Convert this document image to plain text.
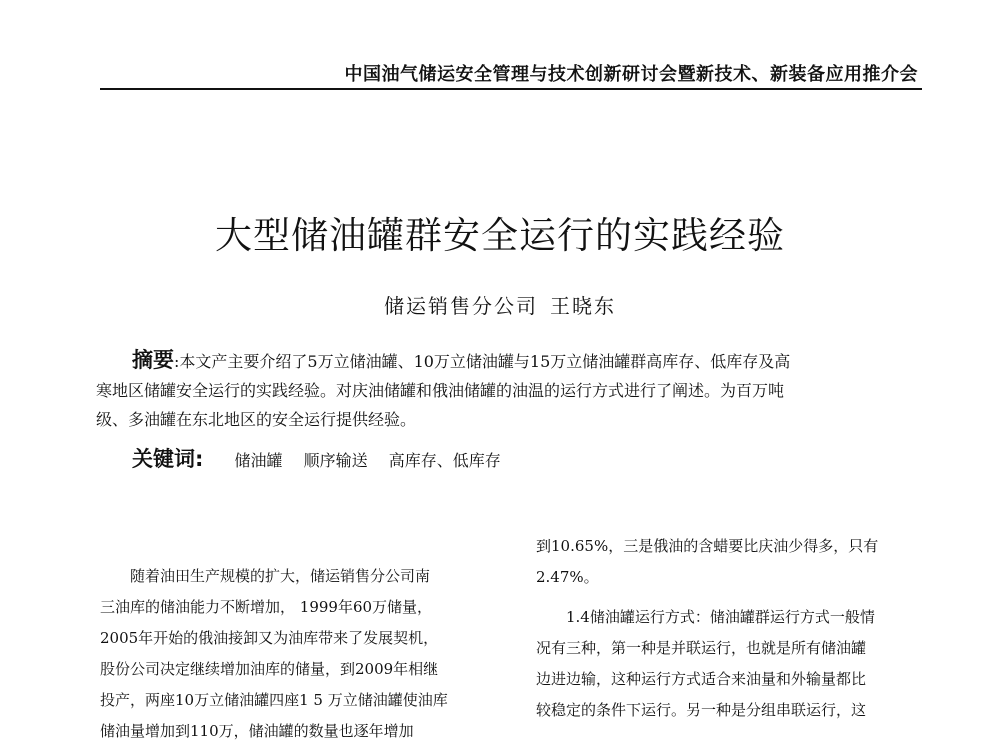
中国油气储运安全管理与技术创新研讨会暨新技术、新装备应用推介会
大型储油罐群安全运行的实践经验
储运销售分公司 王晓东
摘要:本文产主要介绍了5万立储油罐、10万立储油罐与15万立储油罐群高库存、低库存及高
寒地区储罐安全运行的实践经验。对庆油储罐和俄油储罐的油温的运行方式进行了阐述。为百万吨
级、多油罐在东北地区的安全运行提供经验。
关键词: 储油罐 顺序输送 高库存、低库存
随着油田生产规模的扩大，储运销售分公司南
三油库的储油能力不断增加， 1999年60万储量，
2005年开始的俄油接卸又为油库带来了发展契机，
股份公司决定继续增加油库的储量，到2009年相继
投产，两座10万立储油罐四座1 5 万立储油罐使油库
储油量增加到110万，储油罐的数量也逐年增加
到10.65%，三是俄油的含蜡要比庆油少得多，只有
2.47%。
1.4储油罐运行方式：储油罐群运行方式一般情
况有三种，第一种是并联运行，也就是所有储油罐
边进边输，这种运行方式适合来油量和外输量都比
较稳定的条件下运行。另一种是分组串联运行，这
